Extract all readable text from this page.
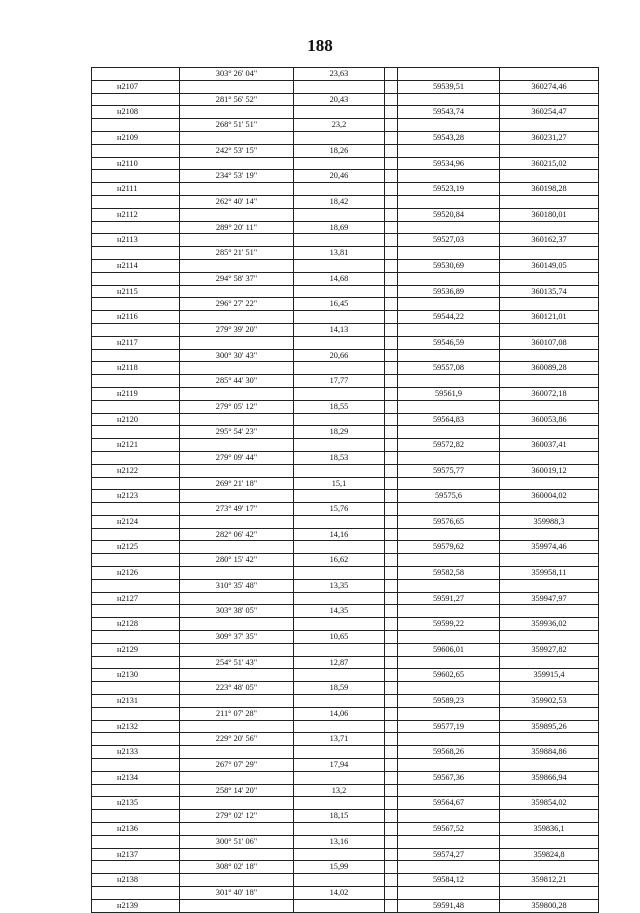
188
	303° 26' 04"	23,63			
н2107				59539,51	360274,46
	281° 56' 52"	20,43			
н2108				59543,74	360254,47
	268° 51' 51"	23,2			
н2109				59543,28	360231,27
	242° 53' 15"	18,26			
н2110				59534,96	360215,02
	234° 53' 19"	20,46			
н2111				59523,19	360198,28
	262° 40' 14"	18,42			
н2112				59520,84	360180,01
	289° 20' 11"	18,69			
н2113				59527,03	360162,37
	285° 21' 51"	13,81			
н2114				59530,69	360149,05
	294° 58' 37"	14,68			
н2115				59536,89	360135,74
	296° 27' 22"	16,45			
н2116				59544,22	360121,01
	279° 39' 20"	14,13			
н2117				59546,59	360107,08
	300° 30' 43"	20,66			
н2118				59557,08	360089,28
	285° 44' 30"	17,77			
н2119				59561,9	360072,18
	279° 05' 12"	18,55			
н2120				59564,83	360053,86
	295° 54' 23"	18,29			
н2121				59572,82	360037,41
	279° 09' 44"	18,53			
н2122				59575,77	360019,12
	269° 21' 18"	15,1			
н2123				59575,6	360004,02
	273° 49' 17"	15,76			
н2124				59576,65	359988,3
	282° 06' 42"	14,16			
н2125				59579,62	359974,46
	280° 15' 42"	16,62			
н2126				59582,58	359958,11
	310° 35' 48"	13,35			
н2127				59591,27	359947,97
	303° 38' 05"	14,35			
н2128				59599,22	359936,02
	309° 37' 35"	10,65			
н2129				59606,01	359927,82
	254° 51' 43"	12,87			
н2130				59602,65	359915,4
	223° 48' 05"	18,59			
н2131				59589,23	359902,53
	211° 07' 28"	14,06			
н2132				59577,19	359895,26
	229° 20' 56"	13,71			
н2133				59568,26	359884,86
	267° 07' 29"	17,94			
н2134				59567,36	359866,94
	258° 14' 20"	13,2			
н2135				59564,67	359854,02
	279° 02' 12"	18,15			
н2136				59567,52	359836,1
	300° 51' 06"	13,16			
н2137				59574,27	359824,8
	308° 02' 18"	15,99			
н2138				59584,12	359812,21
	301° 40' 18"	14,02			
н2139				59591,48	359800,28
